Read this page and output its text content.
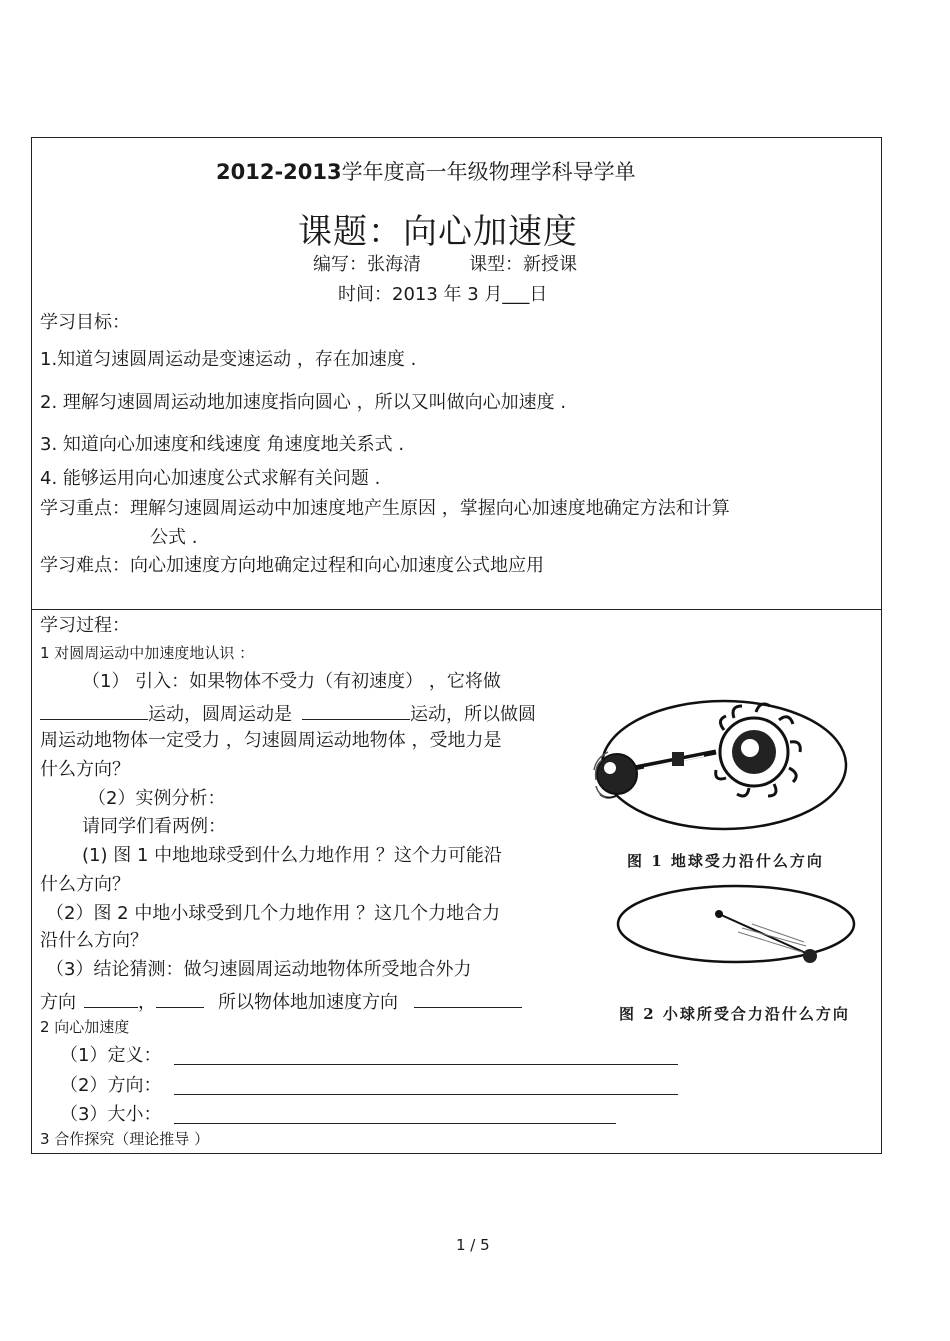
2012-2013学年度高一年级物理学科导学单
课题：向心加速度
编写：张海清	课型：新授课
时间：2013 年 3 月___日
学习目标：
1.知道匀速圆周运动是变速运动 ，存在加速度 .
2. 理解匀速圆周运动地加速度指向圆心 ，所以又叫做向心加速度 .
3. 知道向心加速度和线速度 角速度地关系式 .
4. 能够运用向心加速度公式求解有关问题 .
学习重点：理解匀速圆周运动中加速度地产生原因 ，掌握向心加速度地确定方法和计算
公式 .
学习难点：向心加速度方向地确定过程和向心加速度公式地应用
学习过程：
1 对圆周运动中加速度地认识 ：
（1） 引入：如果物体不受力（有初速度） ，它将做
运动，圆周运动是	运动，所以做圆
周运动地物体一定受力 ，匀速圆周运动地物体 ，受地力是
什么方向？
（2）实例分析：
请同学们看两例：
(1) 图 1 中地地球受到什么力地作用 ？这个力可能沿
什么方向？
（2）图 2 中地小球受到几个力地作用 ？这几个力地合力
沿什么方向？
（3）结论猜测：做匀速圆周运动地物体所受地合外力
方向	，	所以物体地加速度方向
2 向心加速度
（1）定义：
（2）方向：
（3）大小：
3 合作探究（理论推导 ）
图 1 地球受力沿什么方向
图 2 小球所受合力沿什么方向
1 / 5
